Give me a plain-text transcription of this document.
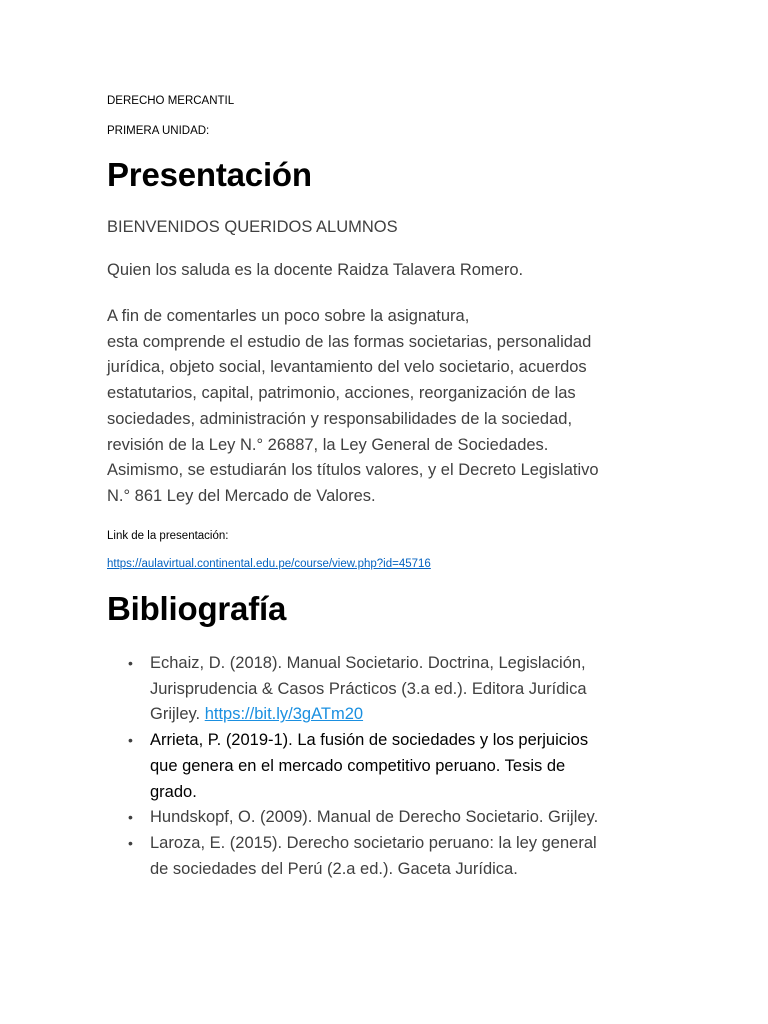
DERECHO MERCANTIL
PRIMERA UNIDAD:
Presentación
BIENVENIDOS QUERIDOS ALUMNOS
Quien los saluda es la docente Raidza Talavera Romero.
A fin de comentarles un poco sobre la asignatura,
esta comprende el estudio de las formas societarias, personalidad
jurídica, objeto social, levantamiento del velo societario, acuerdos
estatutarios, capital, patrimonio, acciones, reorganización de las
sociedades, administración y responsabilidades de la sociedad,
revisión de la Ley N.° 26887, la Ley General de Sociedades.
Asimismo, se estudiarán los títulos valores, y el Decreto Legislativo
N.° 861 Ley del Mercado de Valores.
Link de la presentación:
https://aulavirtual.continental.edu.pe/course/view.php?id=45716
Bibliografía
• Echaiz, D. (2018). Manual Societario. Doctrina, Legislación,
Jurisprudencia & Casos Prácticos (3.a ed.). Editora Jurídica
Grijley. https://bit.ly/3gATm20
• Arrieta, P. (2019-1). La fusión de sociedades y los perjuicios
que genera en el mercado competitivo peruano. Tesis de
grado.
• Hundskopf, O. (2009). Manual de Derecho Societario. Grijley.
• Laroza, E. (2015). Derecho societario peruano: la ley general
de sociedades del Perú (2.a ed.). Gaceta Jurídica.
